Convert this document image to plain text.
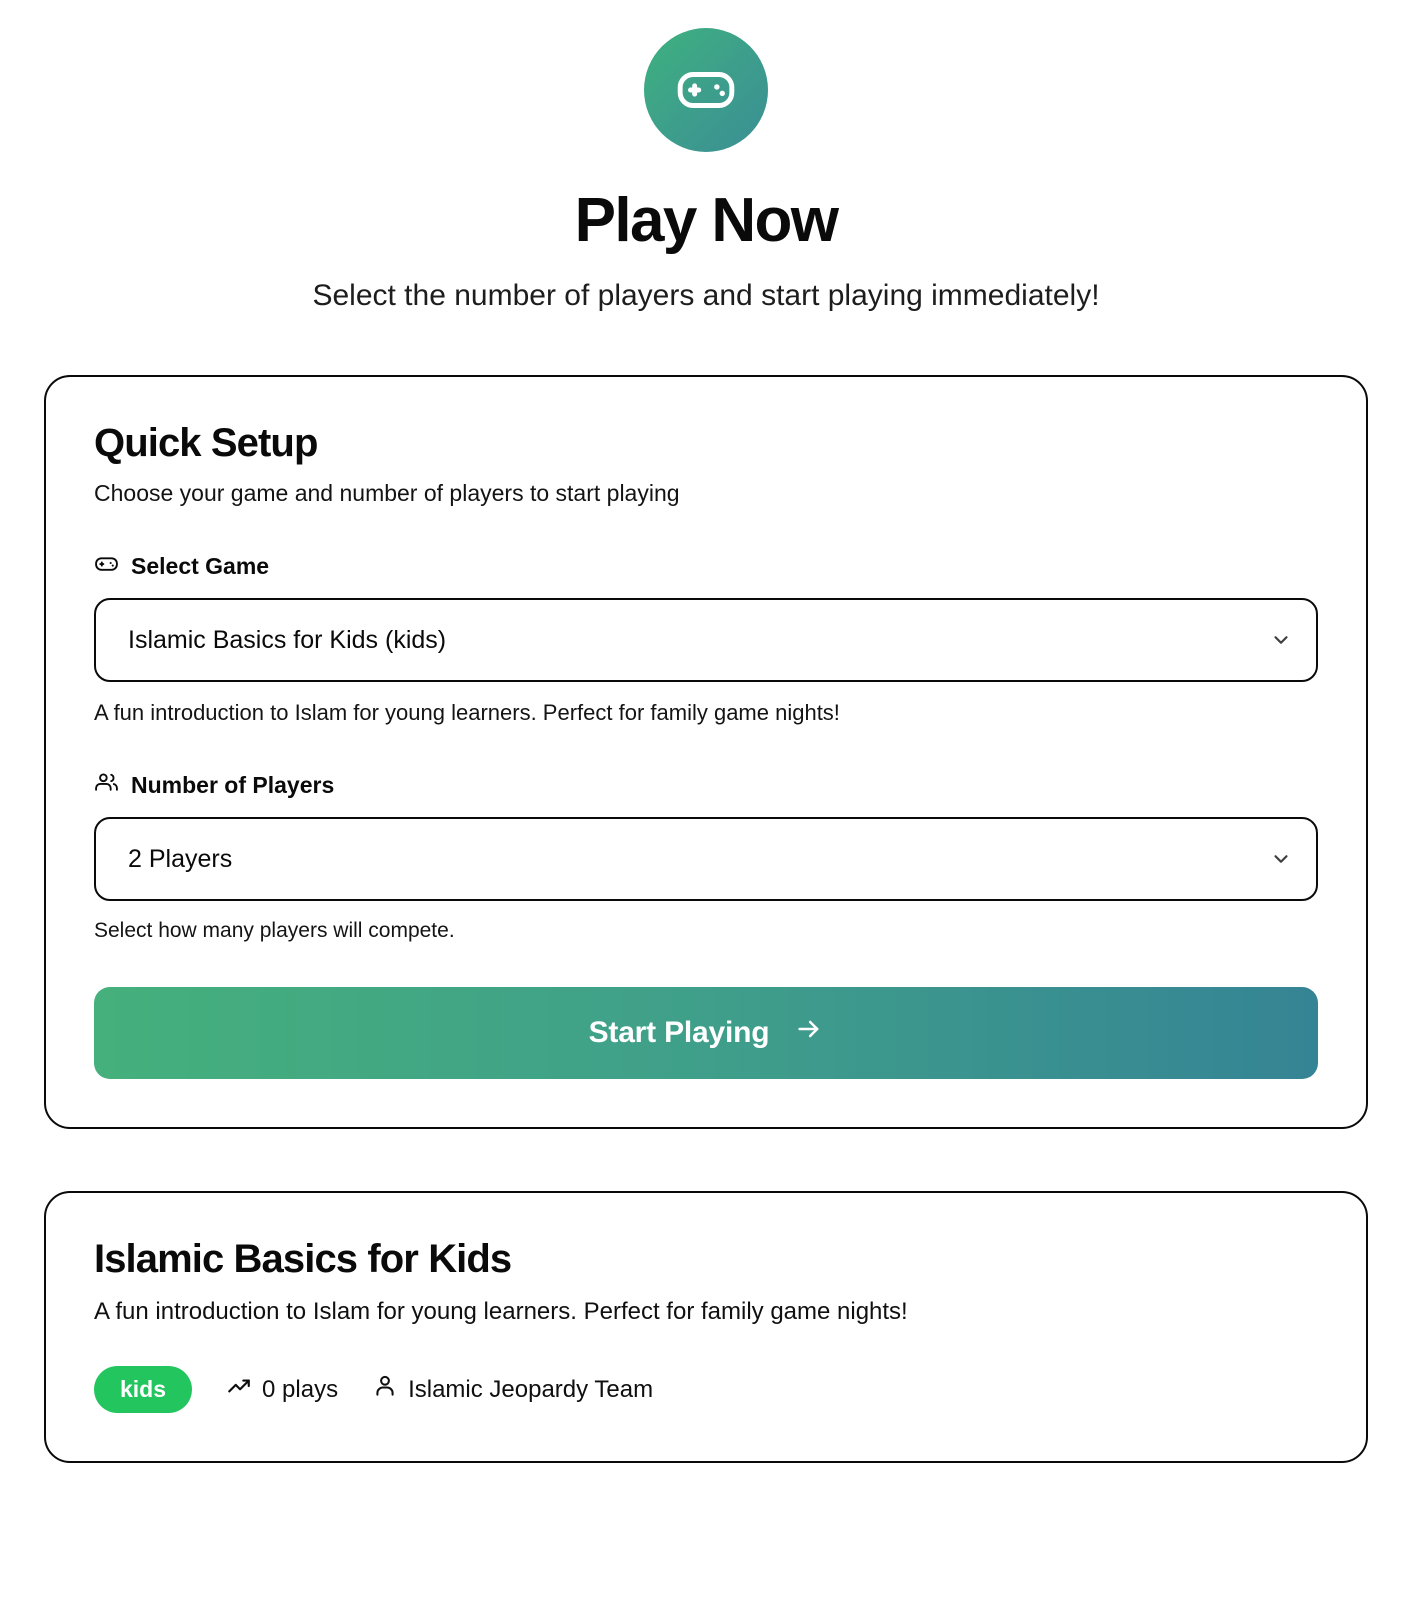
Play Now

Select the number of players and start playing immediately!

Quick Setup

Choose your game and number of players to start playing

Select Game
Islamic Basics for Kids (kids)

A fun introduction to Islam for young learners. Perfect for family game nights!

Number of Players
2 Players

Select how many players will compete.

Start Playing
Islamic Basics for Kids

A fun introduction to Islam for young learners. Perfect for family game nights!

kids	0 plays	Islamic Jeopardy Team
